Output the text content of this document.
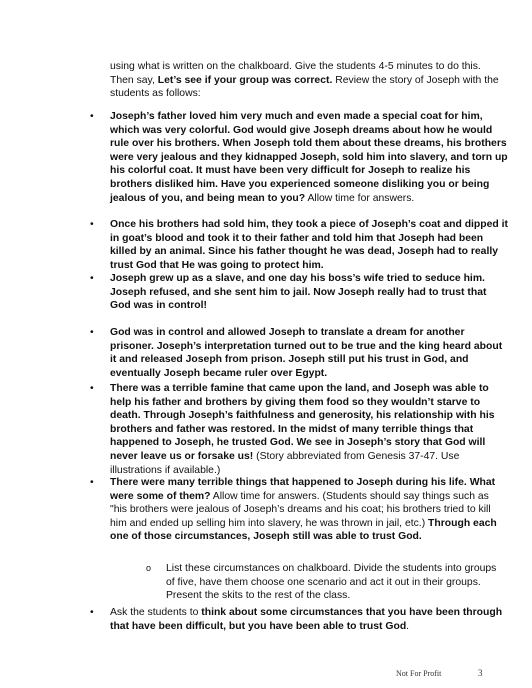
using what is written on the chalkboard. Give the students 4-5 minutes to do this. Then say, Let’s see if your group was correct. Review the story of Joseph with the students as follows:

•	Joseph’s father loved him very much and even made a special coat for him, which was very colorful. God would give Joseph dreams about how he would rule over his brothers. When Joseph told them about these dreams, his brothers were very jealous and they kidnapped Joseph, sold him into slavery, and torn up his colorful coat. It must have been very difficult for Joseph to realize his brothers disliked him. Have you experienced someone disliking you or being jealous of you, and being mean to you? Allow time for answers.
•	Once his brothers had sold him, they took a piece of Joseph’s coat and dipped it in goat’s blood and took it to their father and told him that Joseph had been killed by an animal. Since his father thought he was dead, Joseph had to really trust God that He was going to protect him.
•	Joseph grew up as a slave, and one day his boss’s wife tried to seduce him. Joseph refused, and she sent him to jail. Now Joseph really had to trust that God was in control!
•	God was in control and allowed Joseph to translate a dream for another prisoner. Joseph’s interpretation turned out to be true and the king heard about it and released Joseph from prison. Joseph still put his trust in God, and eventually Joseph became ruler over Egypt.
•	There was a terrible famine that came upon the land, and Joseph was able to help his father and brothers by giving them food so they wouldn’t starve to death. Through Joseph’s faithfulness and generosity, his relationship with his brothers and father was restored. In the midst of many terrible things that happened to Joseph, he trusted God. We see in Joseph’s story that God will never leave us or forsake us! (Story abbreviated from Genesis 37-47. Use illustrations if available.)
•	There were many terrible things that happened to Joseph during his life. What were some of them? Allow time for answers. (Students should say things such as "his brothers were jealous of Joseph’s dreams and his coat; his brothers tried to kill him and ended up selling him into slavery, he was thrown in jail, etc.) Through each one of those circumstances, Joseph still was able to trust God.
o	List these circumstances on chalkboard. Divide the students into groups of five, have them choose one scenario and act it out in their groups. Present the skits to the rest of the class.
•	Ask the students to think about some circumstances that you have been through that have been difficult, but you have been able to trust God.
Not For Profit	3
